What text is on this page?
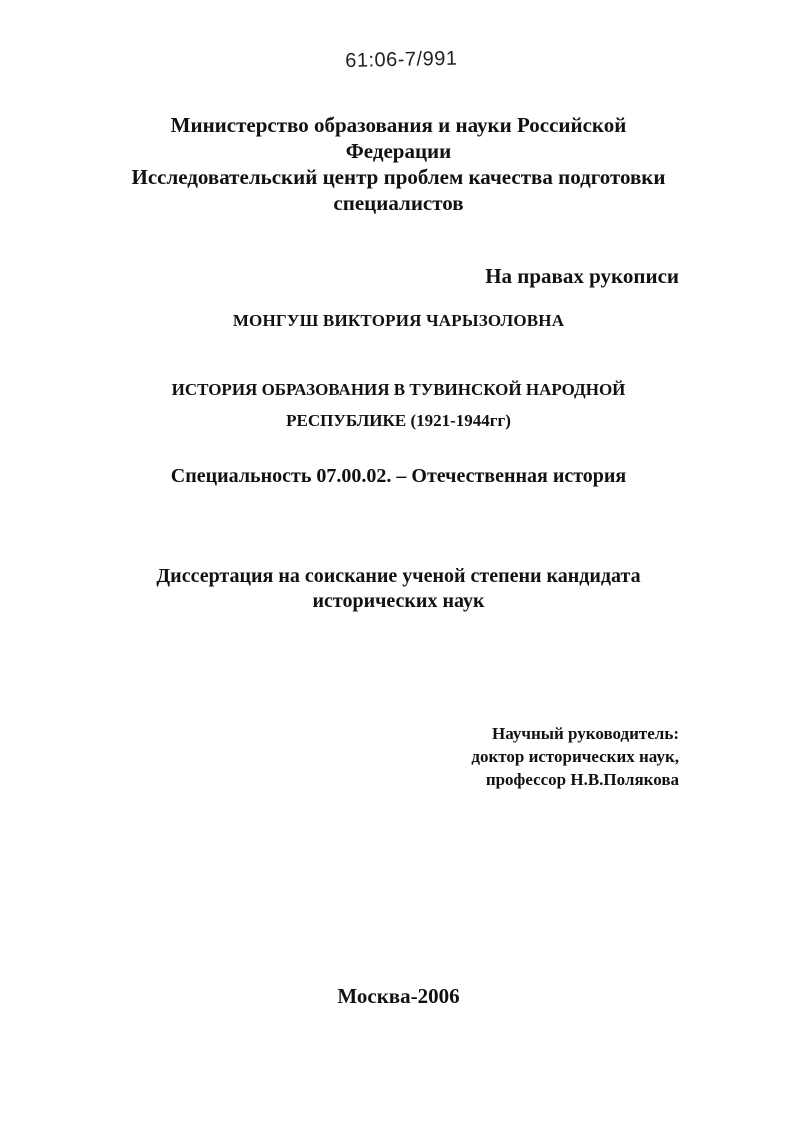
61:06-7/991
Министерство образования и науки Российской
Федерации
Исследовательский центр проблем качества подготовки
специалистов
На правах рукописи
МОНГУШ ВИКТОРИЯ ЧАРЫЗОЛОВНА
ИСТОРИЯ ОБРАЗОВАНИЯ В ТУВИНСКОЙ НАРОДНОЙ
РЕСПУБЛИКЕ (1921-1944гг)
Специальность 07.00.02. – Отечественная история
Диссертация на соискание ученой степени кандидата
исторических наук
Научный руководитель:
доктор исторических наук,
профессор Н.В.Полякова
Москва-2006
